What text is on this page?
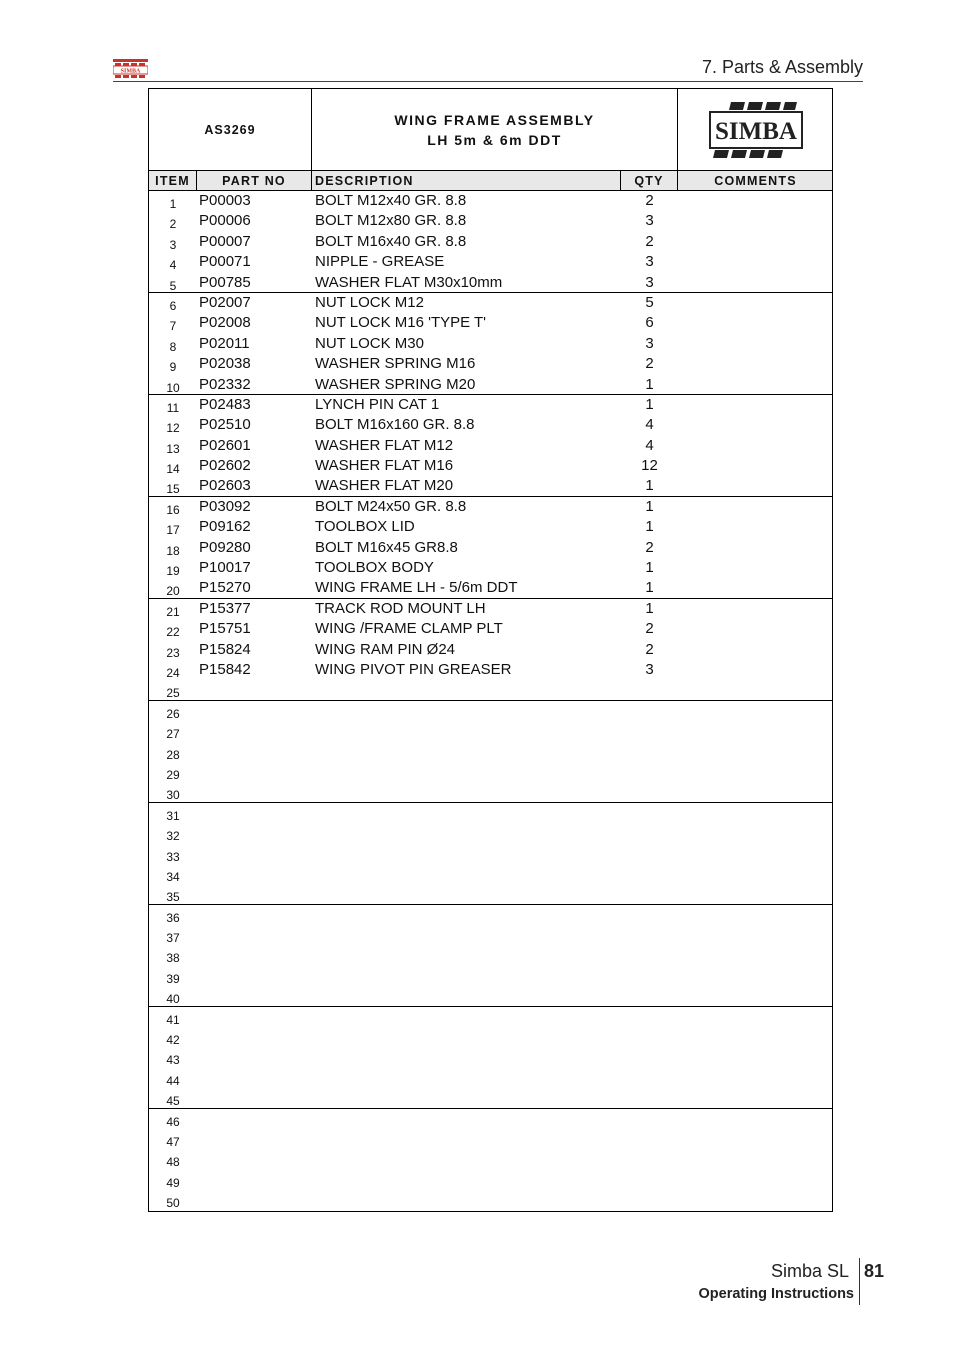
SIMBA	7. Parts & Assembly
AS3269
WING FRAME ASSEMBLY
LH 5m & 6m DDT	SIMBA
ITEM	PART NO	DESCRIPTION	QTY	COMMENTS
1	P00003	BOLT M12x40 GR. 8.8	2
2	P00006	BOLT M12x80 GR. 8.8	3
3	P00007	BOLT M16x40 GR. 8.8	2
4	P00071	NIPPLE - GREASE	3
5	P00785	WASHER FLAT M30x10mm	3
6	P02007	NUT LOCK M12	5
7	P02008	NUT LOCK M16 'TYPE T'	6
8	P02011	NUT LOCK M30	3
9	P02038	WASHER SPRING M16	2
10	P02332	WASHER SPRING M20	1
11	P02483	LYNCH PIN CAT 1	1
12	P02510	BOLT M16x160 GR. 8.8	4
13	P02601	WASHER FLAT M12	4
14	P02602	WASHER FLAT M16	12
15	P02603	WASHER FLAT M20	1
16	P03092	BOLT M24x50 GR. 8.8	1
17	P09162	TOOLBOX LID	1
18	P09280	BOLT M16x45 GR8.8	2
19	P10017	TOOLBOX BODY	1
20	P15270	WING FRAME LH - 5/6m DDT	1
21	P15377	TRACK ROD MOUNT LH	1
22	P15751	WING /FRAME CLAMP PLT	2
23	P15824	WING RAM PIN Ø24	2
24	P15842	WING PIVOT PIN GREASER	3
25
26
27
28
29
30
31
32
33
34
35
36
37
38
39
40
41
42
43
44
45
46
47
48
49
50
Simba SL 81
Operating Instructions
